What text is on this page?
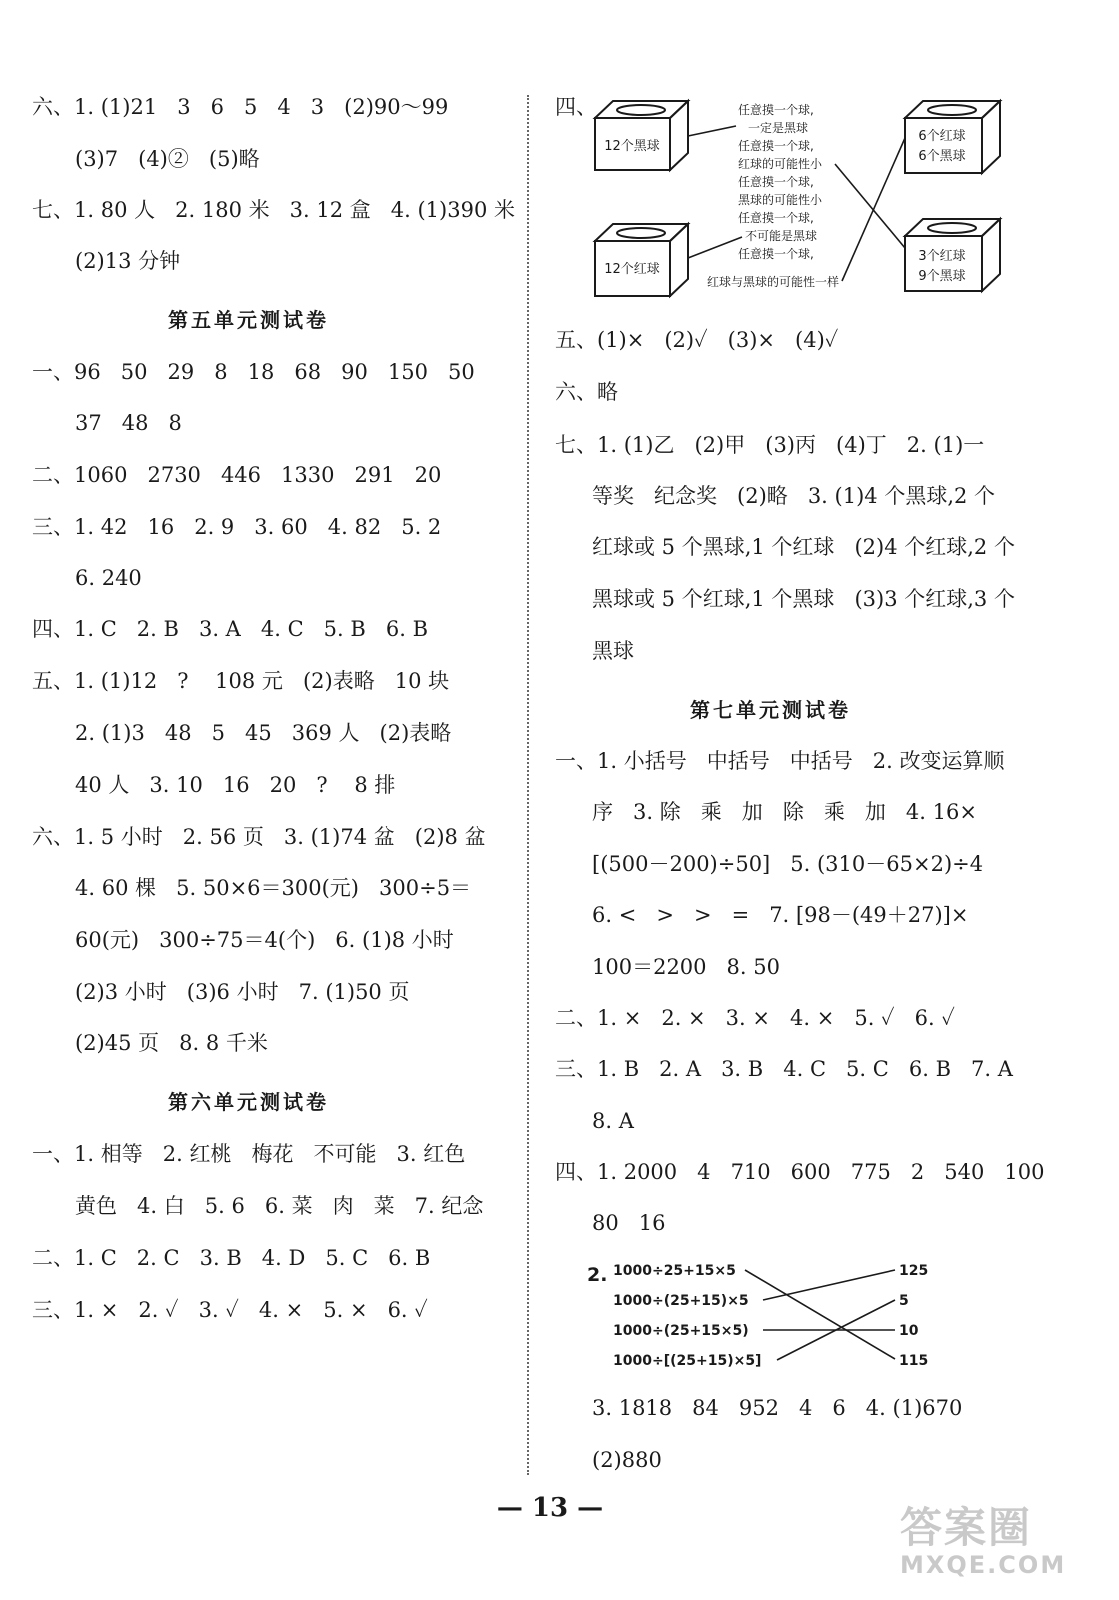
六、1. (1)21   3   6   5   4   3   (2)90～99
(3)7   (4)②   (5)略
七、1. 80 人   2. 180 米   3. 12 盒   4. (1)390 米
(2)13 分钟
第五单元测试卷
一、96   50   29   8   18   68   90   150   50
37   48   8
二、1060   2730   446   1330   291   20
三、1. 42   16   2. 9   3. 60   4. 82   5. 2
6. 240
四、1. C   2. B   3. A   4. C   5. B   6. B
五、1. (1)12   ?    108 元   (2)表略   10 块
2. (1)3   48   5   45   369 人   (2)表略
40 人   3. 10   16   20   ?    8 排
六、1. 5 小时   2. 56 页   3. (1)74 盆   (2)8 盆
4. 60 棵   5. 50×6＝300(元)   300÷5＝
60(元)   300÷75＝4(个)   6. (1)8 小时
(2)3 小时   (3)6 小时   7. (1)50 页
(2)45 页   8. 8 千米
第六单元测试卷
一、1. 相等   2. 红桃   梅花   不可能   3. 红色
黄色   4. 白   5. 6   6. 菜   肉   菜   7. 纪念
二、1. C   2. C   3. B   4. D   5. C   6. B
三、1. ×   2. ✓   3. ✓   4. ×   5. ×   6. ✓
四、
12个黑球
12个红球
6个红球
6个黑球
3个红球
9个黑球
任意摸一个球,
一定是黑球
任意摸一个球,
红球的可能性小
任意摸一个球,
黑球的可能性小
任意摸一个球,
不可能是黑球
任意摸一个球,
红球与黑球的可能性一样
五、(1)×   (2)✓   (3)×   (4)✓
六、略
七、1. (1)乙   (2)甲   (3)丙   (4)丁   2. (1)一
等奖   纪念奖   (2)略   3. (1)4 个黑球,2 个
红球或 5 个黑球,1 个红球   (2)4 个红球,2 个
黑球或 5 个红球,1 个黑球   (3)3 个红球,3 个
黑球
第七单元测试卷
一、1. 小括号   中括号   中括号   2. 改变运算顺
序   3. 除   乘   加   除   乘   加   4. 16×
[(500－200)÷50]   5. (310－65×2)÷4
6. <   >   >   =   7. [98－(49＋27)]×
100＝2200   8. 50
二、1. ×   2. ×   3. ×   4. ×   5. ✓   6. ✓
三、1. B   2. A   3. B   4. C   5. C   6. B   7. A
8. A
四、1. 2000   4   710   600   775   2   540   100
80   16
3. 1818   84   952   4   6   4. (1)670
(2)880
2. 1000÷25+15×5
1000÷(25+15)×5
1000÷(25+15×5)
1000÷[(25+15)×5]
125
5
10
115
— 13 —	答案圈
MXQE.COM
